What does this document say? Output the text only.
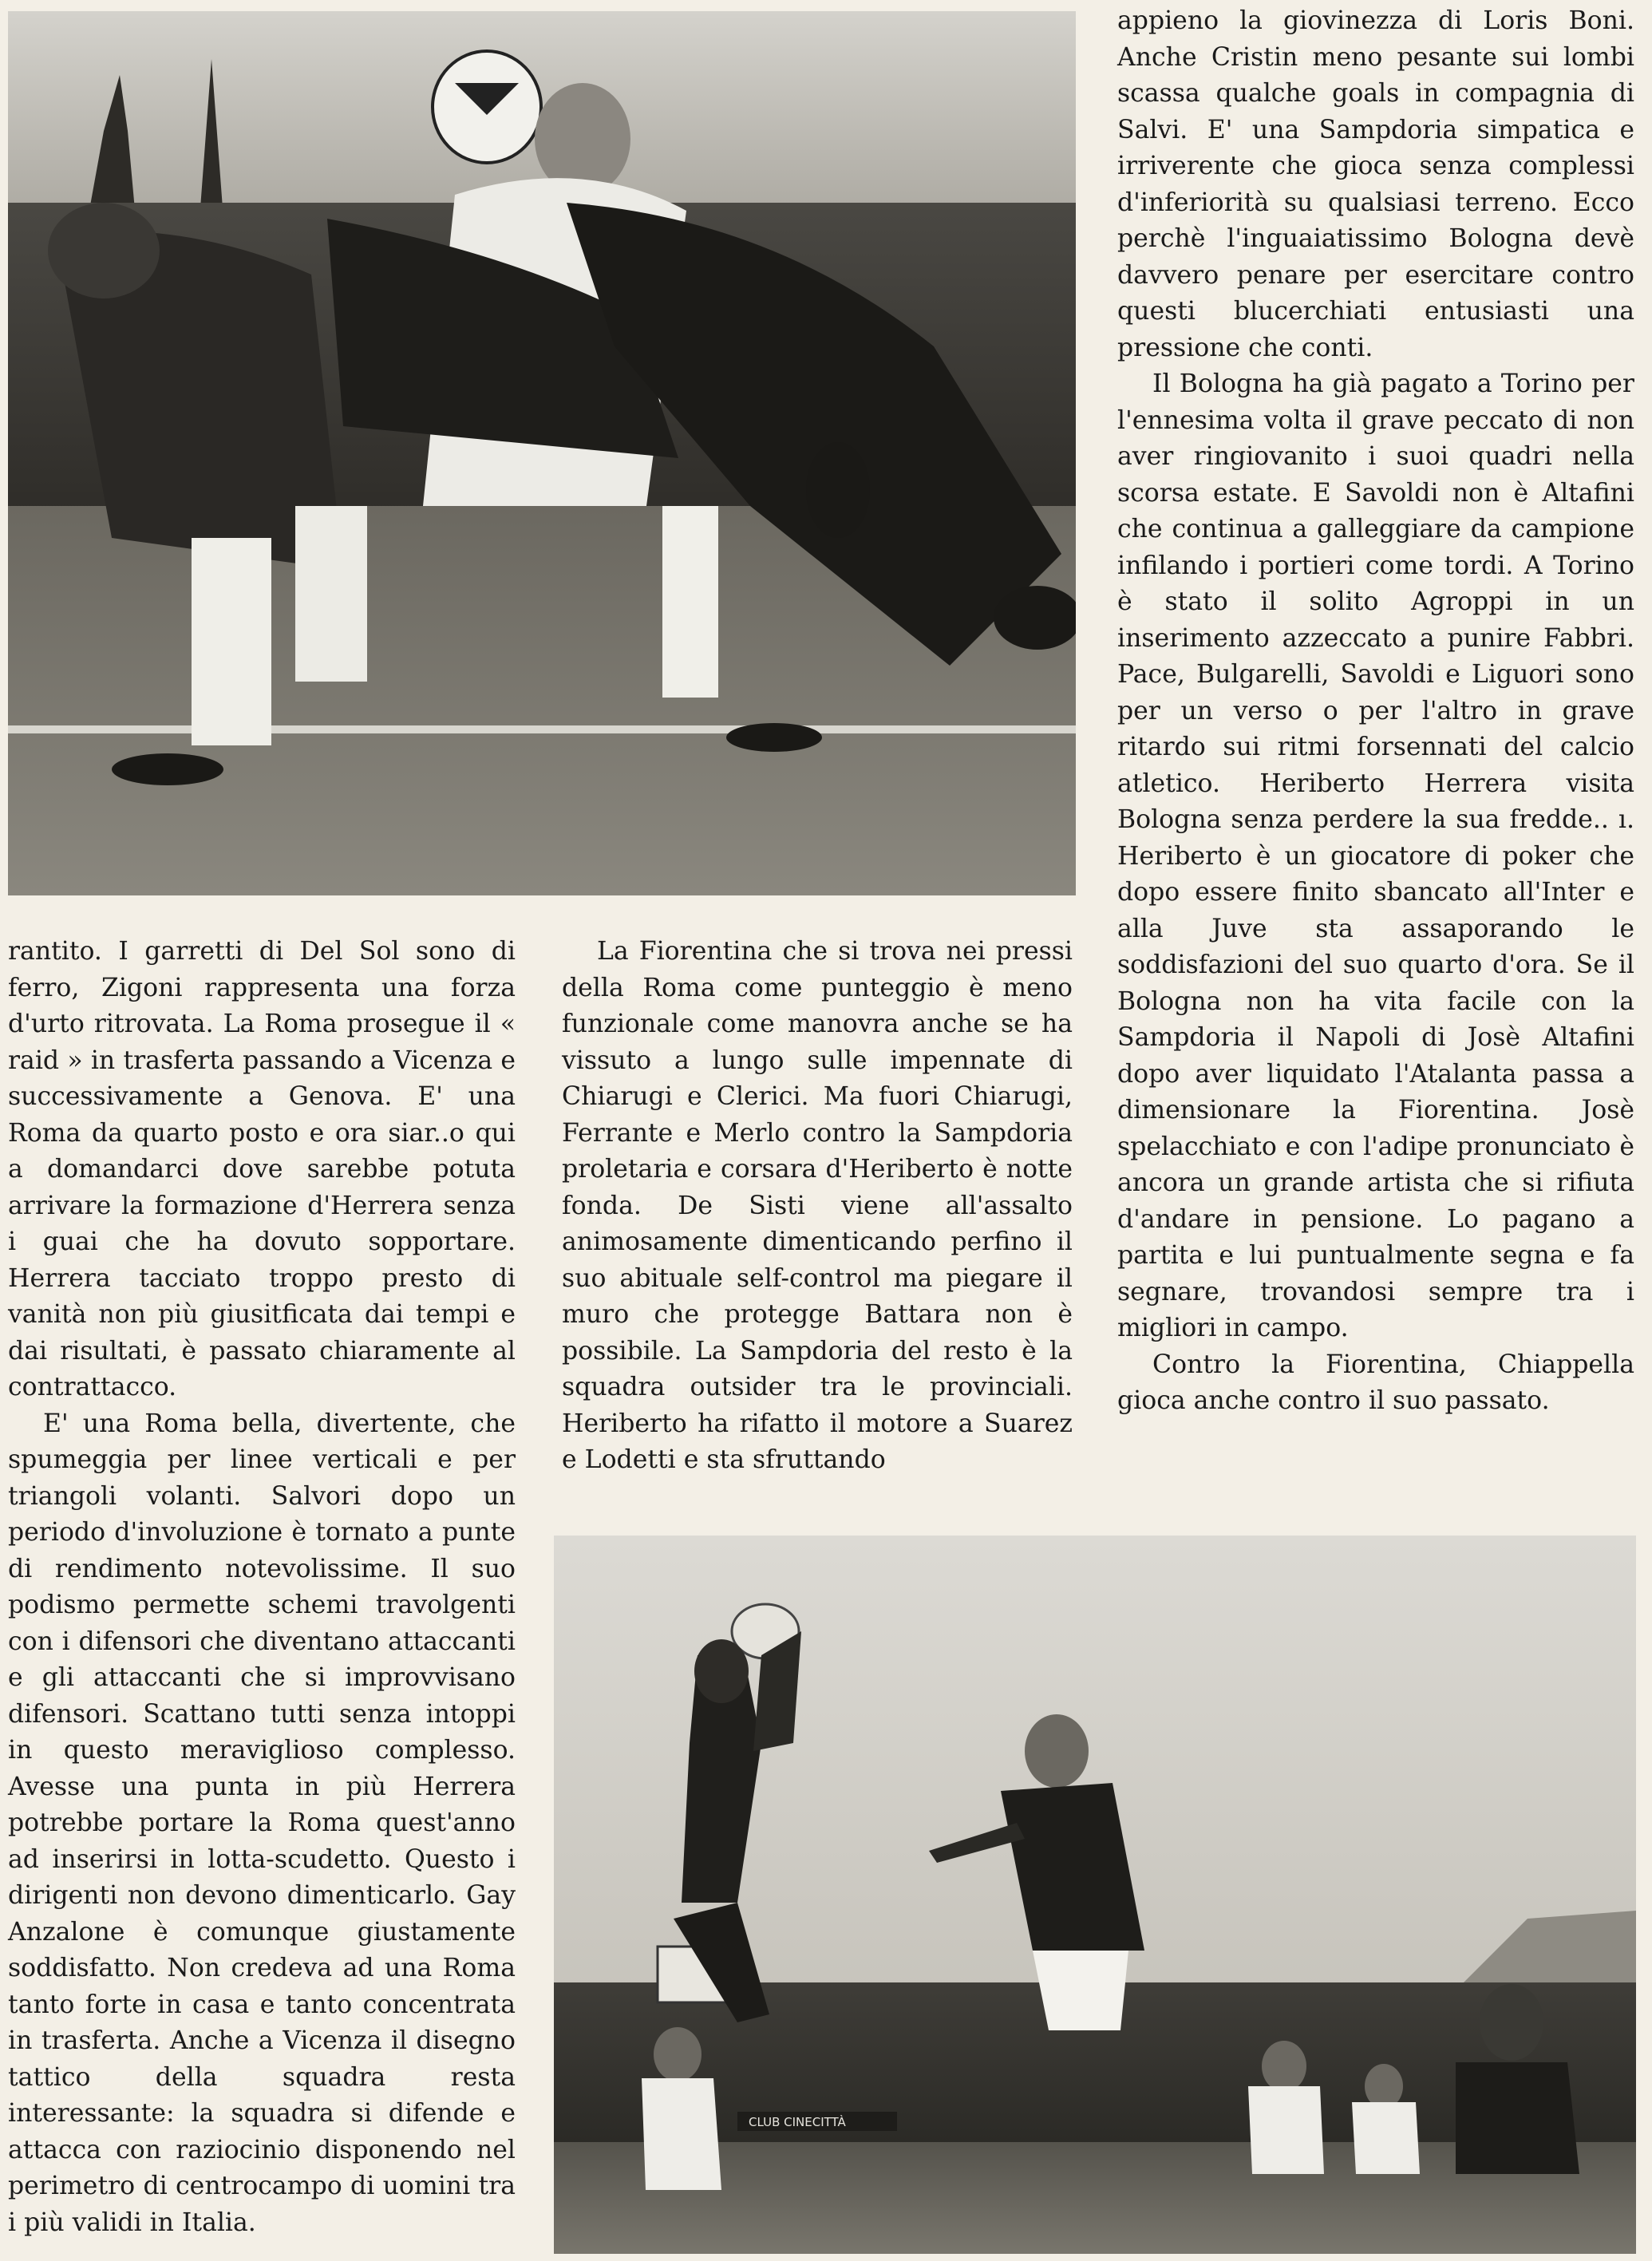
CLUB CINECITTÀ

appieno la giovinezza di Loris Boni. Anche Cristin meno pesante sui lombi scassa qualche goals in compagnia di Salvi. E' una Sampdoria simpatica e irriverente che gioca senza complessi d'inferiorità su qualsiasi terreno. Ecco perchè l'inguaiatissimo Bologna devè davvero penare per esercitare contro questi blucerchiati entusiasti una pressione che conti.

Il Bologna ha già pagato a Torino per l'ennesima volta il grave peccato di non aver ringiovanito i suoi quadri nella scorsa estate. E Savoldi non è Altafini che continua a galleggiare da campione infilando i portieri come tordi. A Torino è stato il solito Agroppi in un inserimento azzeccato a punire Fabbri. Pace, Bulgarelli, Savoldi e Liguori sono per un verso o per l'altro in grave ritardo sui ritmi forsennati del calcio atletico. Heriberto Herrera visita Bologna senza perdere la sua fredde.. ı. Heriberto è un giocatore di poker che dopo essere finito sbancato all'Inter e alla Juve sta assaporando le soddisfazioni del suo quarto d'ora. Se il Bologna non ha vita facile con la Sampdoria il Napoli di Josè Altafini dopo aver liquidato l'Atalanta passa a dimensionare la Fiorentina. Josè spelacchiato e con l'adipe pronunciato è ancora un grande artista che si rifiuta d'andare in pensione. Lo pagano a partita e lui puntualmente segna e fa segnare, trovandosi sempre tra i migliori in campo.

Contro la Fiorentina, Chiappella gioca anche contro il suo passato.

rantito. I garretti di Del Sol sono di ferro, Zigoni rappresenta una forza d'urto ritrovata. La Roma prosegue il « raid » in trasferta passando a Vicenza e successivamente a Genova. E' una Roma da quarto posto e ora siar..o qui a domandarci dove sarebbe potuta arrivare la formazione d'Herrera senza i guai che ha dovuto sopportare. Herrera tacciato troppo presto di vanità non più giusitficata dai tempi e dai risultati, è passato chiaramente al contrattacco.

E' una Roma bella, divertente, che spumeggia per linee verticali e per triangoli volanti. Salvori dopo un periodo d'involuzione è tornato a punte di rendimento notevolissime. Il suo podismo permette schemi travolgenti con i difensori che diventano attaccanti e gli attaccanti che si improvvisano difensori. Scattano tutti senza intoppi in questo meraviglioso complesso. Avesse una punta in più Herrera potrebbe portare la Roma quest'anno ad inserirsi in lotta-scudetto. Questo i dirigenti non devono dimenticarlo. Gay Anzalone è comunque giustamente soddisfatto. Non credeva ad una Roma tanto forte in casa e tanto concentrata in trasferta. Anche a Vicenza il disegno tattico della squadra resta interessante: la squadra si difende e attacca con raziocinio disponendo nel perimetro di centrocampo di uomini tra i più validi in Italia.

La Fiorentina che si trova nei pressi della Roma come punteggio è meno funzionale come manovra anche se ha vissuto a lungo sulle impennate di Chiarugi e Clerici. Ma fuori Chiarugi, Ferrante e Merlo contro la Sampdoria proletaria e corsara d'Heriberto è notte fonda. De Sisti viene all'assalto animosamente dimenticando perfino il suo abituale self-control ma piegare il muro che protegge Battara non è possibile. La Sampdoria del resto è la squadra outsider tra le provinciali. Heriberto ha rifatto il motore a Suarez e Lodetti e sta sfruttando
